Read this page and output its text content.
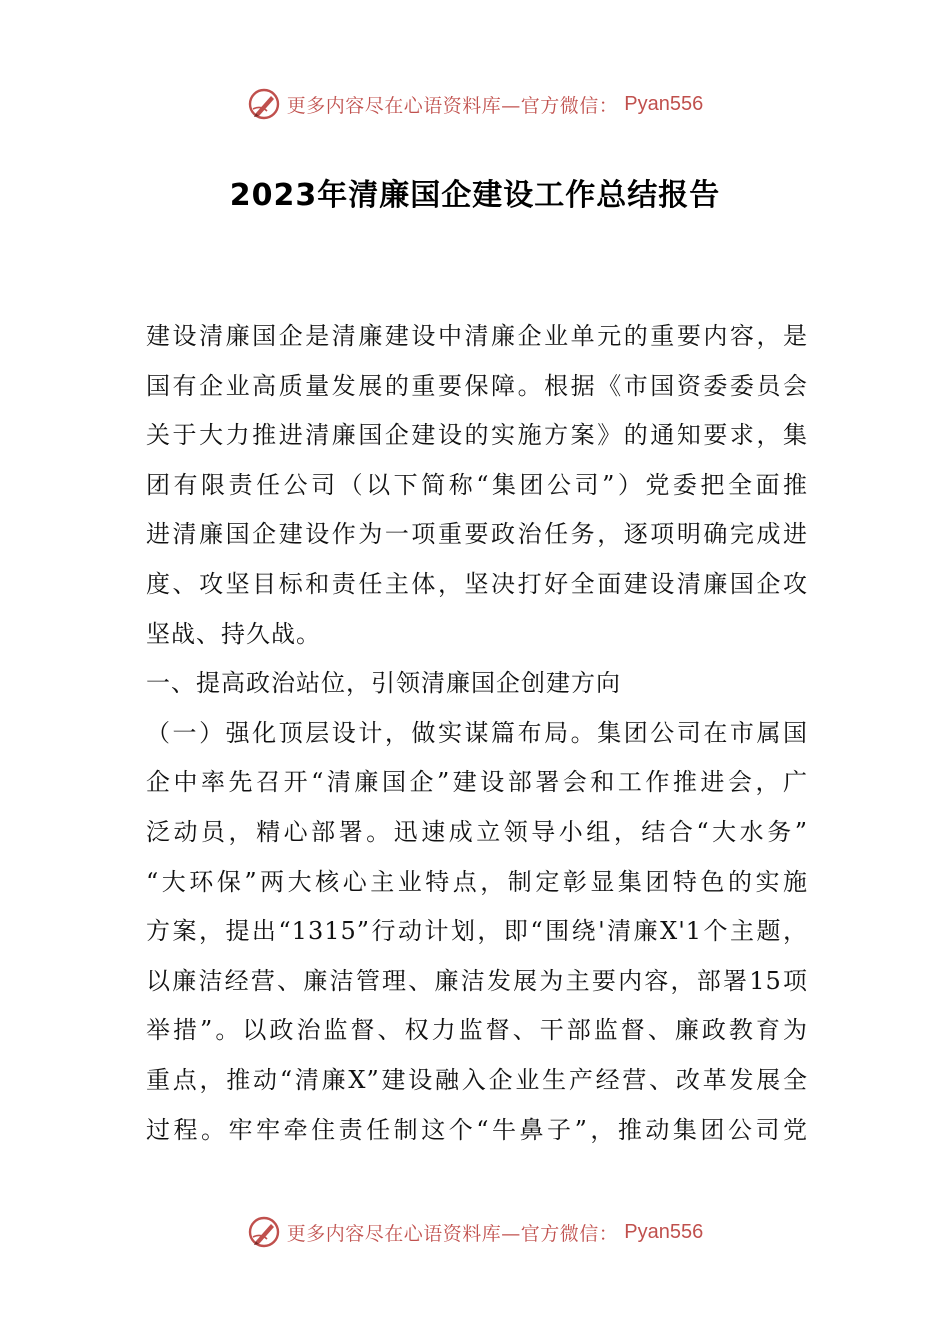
更多内容尽在心语资料库—官方微信： Pyan556
2023年清廉国企建设工作总结报告
建设清廉国企是清廉建设中清廉企业单元的重要内容，是
国有企业高质量发展的重要保障。根据《市国资委委员会
关于大力推进清廉国企建设的实施方案》的通知要求，集
团有限责任公司（以下简称“集团公司”）党委把全面推
进清廉国企建设作为一项重要政治任务，逐项明确完成进
度、攻坚目标和责任主体，坚决打好全面建设清廉国企攻
坚战、持久战。
一、提高政治站位，引领清廉国企创建方向
（一）强化顶层设计，做实谋篇布局。集团公司在市属国
企中率先召开“清廉国企”建设部署会和工作推进会，广
泛动员，精心部署。迅速成立领导小组，结合“大水务”
“大环保”两大核心主业特点，制定彰显集团特色的实施
方案，提出“1315”行动计划，即“围绕'清廉X'1个主题，
以廉洁经营、廉洁管理、廉洁发展为主要内容，部署15项
举措”。以政治监督、权力监督、干部监督、廉政教育为
重点，推动“清廉X”建设融入企业生产经营、改革发展全
过程。牢牢牵住责任制这个“牛鼻子”，推动集团公司党
更多内容尽在心语资料库—官方微信： Pyan556
